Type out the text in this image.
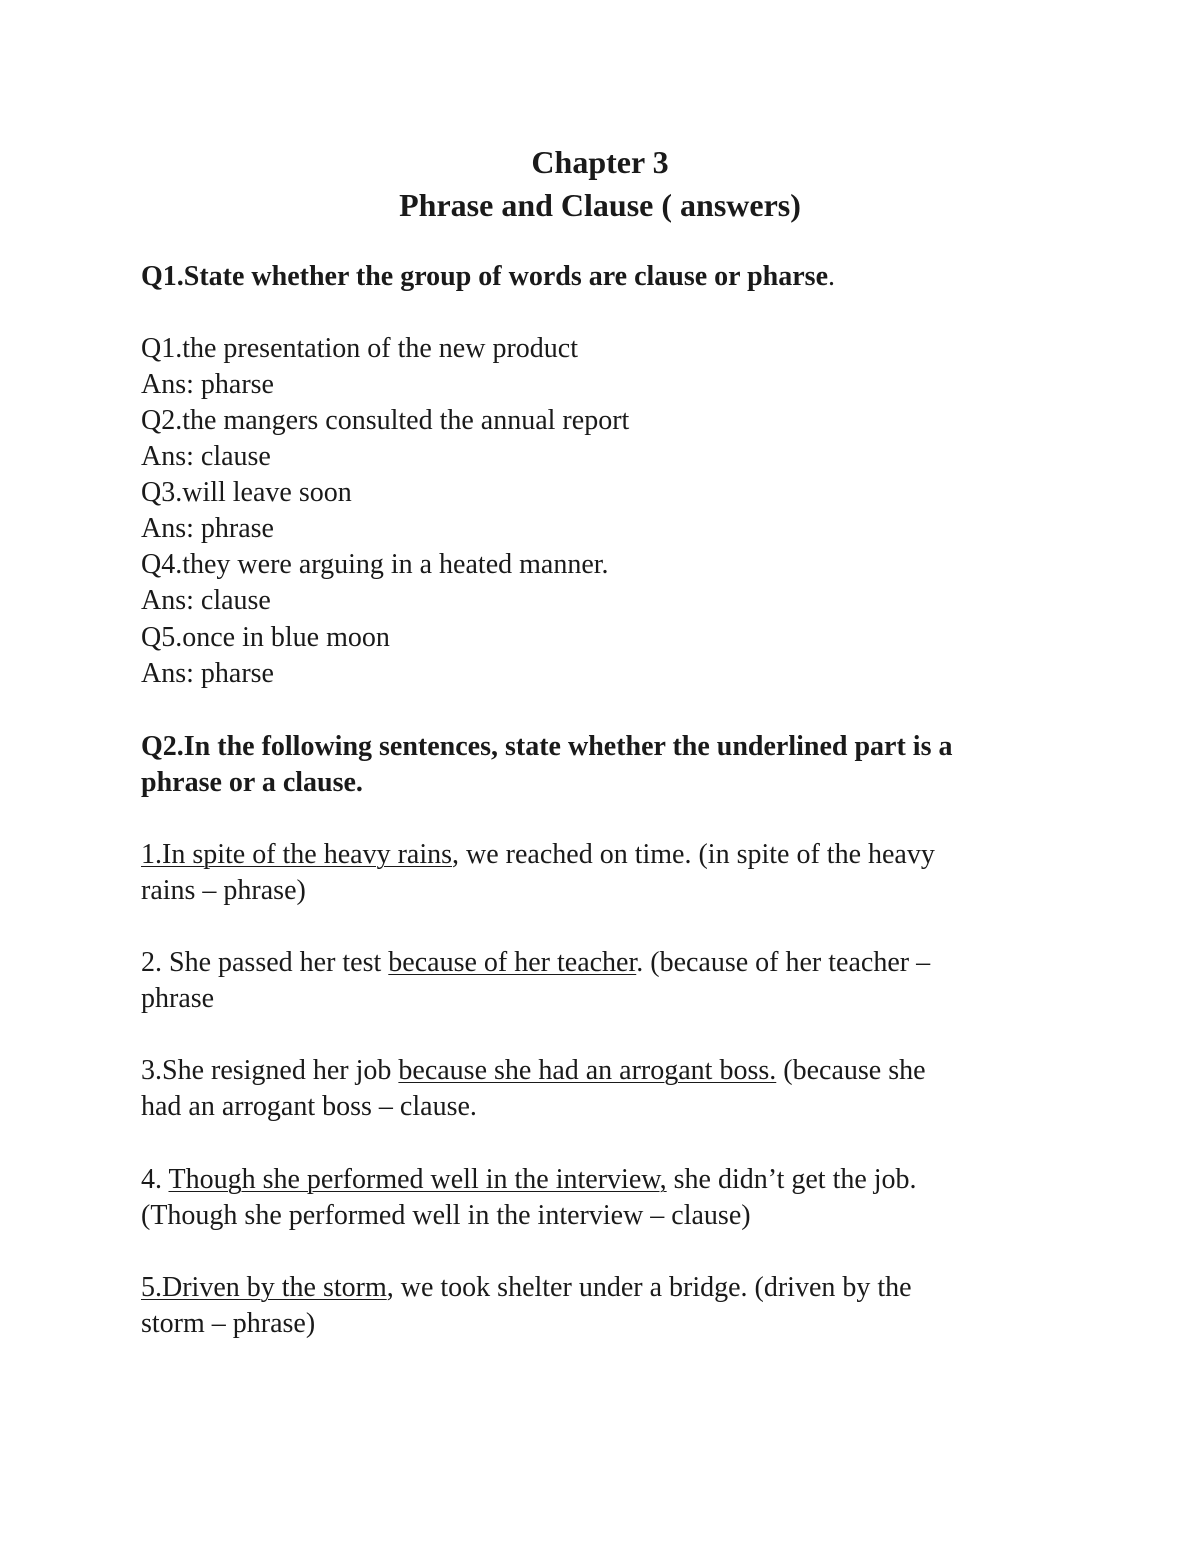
Chapter 3
Phrase and Clause ( answers)

Q1.State whether the group of words are clause or pharse.

Q1.the presentation of the new product

Ans: pharse

Q2.the mangers consulted the annual report

Ans: clause

Q3.will leave soon

Ans: phrase

Q4.they were arguing in a heated manner.

Ans: clause

Q5.once in blue moon

Ans: pharse

Q2.In the following sentences, state whether the underlined part is a

phrase or a clause.

1.In spite of the heavy rains, we reached on time. (in spite of the heavy

rains – phrase)

2. She passed her test because of her teacher. (because of her teacher –

phrase

3.She resigned her job because she had an arrogant boss. (because she

had an arrogant boss – clause.

4. Though she performed well in the interview, she didn’t get the job.

(Though she performed well in the interview – clause)

5.Driven by the storm, we took shelter under a bridge. (driven by the

storm – phrase)
